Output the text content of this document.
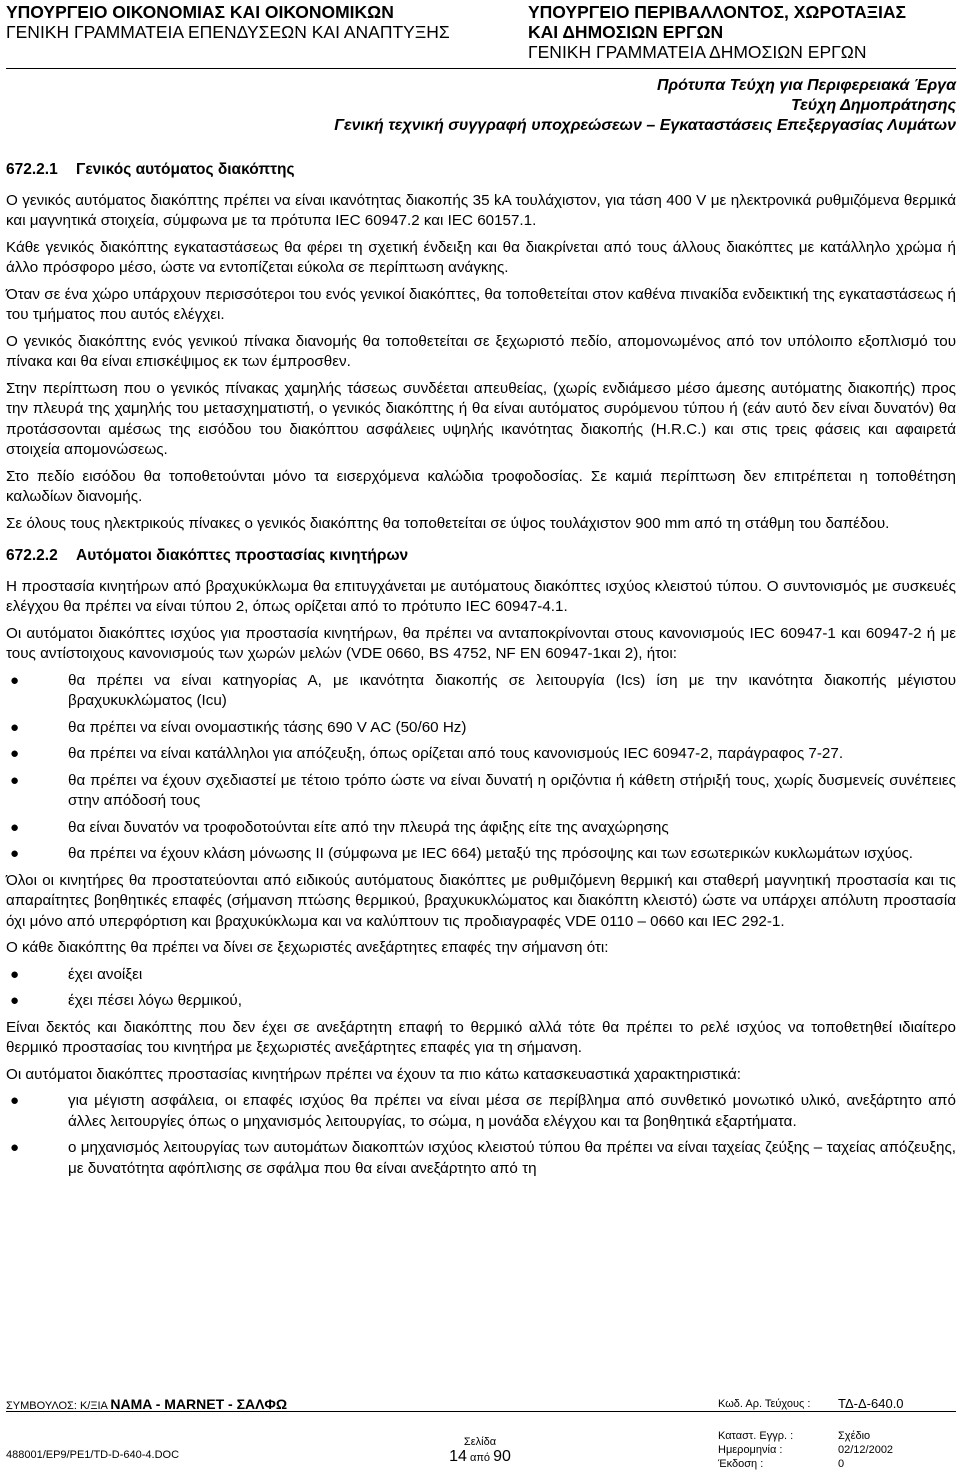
ΥΠΟΥΡΓΕΙΟ ΟΙΚΟΝΟΜΙΑΣ ΚΑΙ ΟΙΚΟΝΟΜΙΚΩΝ
ΓΕΝΙΚΗ ΓΡΑΜΜΑΤΕΙΑ ΕΠΕΝΔΥΣΕΩΝ ΚΑΙ ΑΝΑΠΤΥΞΗΣ
ΥΠΟΥΡΓΕΙΟ ΠΕΡΙΒΑΛΛΟΝΤΟΣ, ΧΩΡΟΤΑΞΙΑΣ
ΚΑΙ ΔΗΜΟΣΙΩΝ ΕΡΓΩΝ
ΓΕΝΙΚΗ ΓΡΑΜΜΑΤΕΙΑ ΔΗΜΟΣΙΩΝ ΕΡΓΩΝ
Πρότυπα Τεύχη για Περιφερειακά Έργα
Τεύχη Δημοπράτησης
Γενική τεχνική συγγραφή υποχρεώσεων – Εγκαταστάσεις Επεξεργασίας Λυμάτων
672.2.1 Γενικός αυτόματος διακόπτης

Ο γενικός αυτόματος διακόπτης πρέπει να είναι ικανότητας διακοπής 35 kA τουλάχιστον, για τάση 400 V με ηλεκτρονικά ρυθμιζόμενα θερμικά και μαγνητικά στοιχεία, σύμφωνα με τα πρότυπα IEC 60947.2 και IEC 60157.1.

Κάθε γενικός διακόπτης εγκαταστάσεως θα φέρει τη σχετική ένδειξη και θα διακρίνεται από τους άλλους διακόπτες με κατάλληλο χρώμα ή άλλο πρόσφορο μέσο, ώστε να εντοπίζεται εύκολα σε περίπτωση ανάγκης.

Όταν σε ένα χώρο υπάρχουν περισσότεροι του ενός γενικοί διακόπτες, θα τοποθετείται στον καθένα πινακίδα ενδεικτική της εγκαταστάσεως ή του τμήματος που αυτός ελέγχει.

Ο γενικός διακόπτης ενός γενικού πίνακα διανομής θα τοποθετείται σε ξεχωριστό πεδίο, απομονωμένος από τον υπόλοιπο εξοπλισμό του πίνακα και θα είναι επισκέψιμος εκ των έμπροσθεν.

Στην περίπτωση που ο γενικός πίνακας χαμηλής τάσεως συνδέεται απευθείας, (χωρίς ενδιάμεσο μέσο άμεσης αυτόματης διακοπής) προς την πλευρά της χαμηλής του μετασχηματιστή, ο γενικός διακόπτης ή θα είναι αυτόματος συρόμενου τύπου ή (εάν αυτό δεν είναι δυνατόν) θα προτάσσονται αμέσως της εισόδου του διακόπτου ασφάλειες υψηλής ικανότητας διακοπής (H.R.C.) και στις τρεις φάσεις και αφαιρετά στοιχεία απομονώσεως.

Στο πεδίο εισόδου θα τοποθετούνται μόνο τα εισερχόμενα καλώδια τροφοδοσίας. Σε καμιά περίπτωση δεν επιτρέπεται η τοποθέτηση καλωδίων διανομής.

Σε όλους τους ηλεκτρικούς πίνακες ο γενικός διακόπτης θα τοποθετείται σε ύψος τουλάχιστον 900 mm από τη στάθμη του δαπέδου.

672.2.2 Αυτόματοι διακόπτες προστασίας κινητήρων

Η προστασία κινητήρων από βραχυκύκλωμα θα επιτυγχάνεται με αυτόματους διακόπτες ισχύος κλειστού τύπου. Ο συντονισμός με συσκευές ελέγχου θα πρέπει να είναι τύπου 2, όπως ορίζεται από το πρότυπο IEC 60947-4.1.

Οι αυτόματοι διακόπτες ισχύος για προστασία κινητήρων, θα πρέπει να ανταποκρίνονται στους κανονισμούς IEC 60947-1 και 60947-2 ή με τους αντίστοιχους κανονισμούς των χωρών μελών (VDE 0660, BS 4752, NF EN 60947-1και 2), ήτοι:

●	θα πρέπει να είναι κατηγορίας Α, με ικανότητα διακοπής σε λειτουργία (Ics) ίση με την ικανότητα διακοπής μέγιστου βραχυκυκλώματος (Icu)
●	θα πρέπει να είναι ονομαστικής τάσης 690 V AC (50/60 Hz)
●	θα πρέπει να είναι κατάλληλοι για απόζευξη, όπως ορίζεται από τους κανονισμούς IEC 60947-2, παράγραφος 7-27.
●	θα πρέπει να έχουν σχεδιαστεί με τέτοιο τρόπο ώστε να είναι δυνατή η οριζόντια ή κάθετη στήριξή τους, χωρίς δυσμενείς συνέπειες στην απόδοσή τους
●	θα είναι δυνατόν να τροφοδοτούνται είτε από την πλευρά της άφιξης είτε της αναχώρησης
●	θα πρέπει να έχουν κλάση μόνωσης II (σύμφωνα με IEC 664) μεταξύ της πρόσοψης και των εσωτερικών κυκλωμάτων ισχύος.

Όλοι οι κινητήρες θα προστατεύονται από ειδικούς αυτόματους διακόπτες με ρυθμιζόμενη θερμική και σταθερή μαγνητική προστασία και τις απαραίτητες βοηθητικές επαφές (σήμανση πτώσης θερμικού, βραχυκυκλώματος και διακόπτη κλειστό) ώστε να υπάρχει απόλυτη προστασία όχι μόνο από υπερφόρτιση και βραχυκύκλωμα και να καλύπτουν τις προδιαγραφές VDE 0110 – 0660 και IEC 292-1.

Ο κάθε διακόπτης θα πρέπει να δίνει σε ξεχωριστές ανεξάρτητες επαφές την σήμανση ότι:

●	έχει ανοίξει
●	έχει πέσει λόγω θερμικού,

Είναι δεκτός και διακόπτης που δεν έχει σε ανεξάρτητη επαφή το θερμικό αλλά τότε θα πρέπει το ρελέ ισχύος να τοποθετηθεί ιδιαίτερο θερμικό προστασίας του κινητήρα με ξεχωριστές ανεξάρτητες επαφές για τη σήμανση.

Οι αυτόματοι διακόπτες προστασίας κινητήρων πρέπει να έχουν τα πιο κάτω κατασκευαστικά χαρακτηριστικά:

●	για μέγιστη ασφάλεια, οι επαφές ισχύος θα πρέπει να είναι μέσα σε περίβλημα από συνθετικό μονωτικό υλικό, ανεξάρτητο από άλλες λειτουργίες όπως ο μηχανισμός λειτουργίας, το σώμα, η μονάδα ελέγχου και τα βοηθητικά εξαρτήματα.
●	ο μηχανισμός λειτουργίας των αυτομάτων διακοπτών ισχύος κλειστού τύπου θα πρέπει να είναι ταχείας ζεύξης – ταχείας απόζευξης, με δυνατότητα αφόπλισης σε σφάλμα που θα είναι ανεξάρτητο από τη
ΣΥΜΒΟΥΛΟΣ: Κ/ΞΙΑ NAMA - MARNET - ΣΑΛΦΩ	Κωδ. Αρ. Τεύχους : ΤΔ-Δ-640.0
Καταστ. Εγγρ. :	Σχέδιο
Ημερομηνία :	02/12/2002
Έκδοση :	0
488001/ΕΡ9/ΡΕ1/TD-D-640-4.DOC
Σελίδα
14 από 90
